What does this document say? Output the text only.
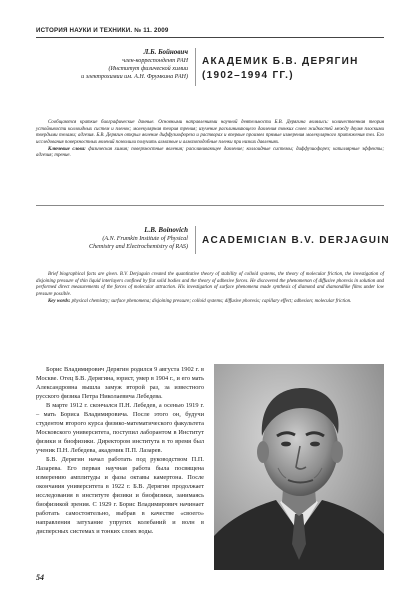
ИСТОРИЯ НАУКИ И ТЕХНИКИ. № 11. 2009
Л.Б. Бойнович
член-корреспондент РАН
(Институт физической химии
и электрохимии им. А.Н. Фрумкина РАН)
АКАДЕМИК Б.В. ДЕРЯГИН
(1902–1994 ГГ.)

Сообщаются краткие биографические данные. Основными направлениями научной деятельности Б.В. Дерягина являлись: количественная теория устойчивости коллоидных систем и пленок; молекулярная теория трения; изучение расклинивающего давления тонких слоев жидкостей между двумя плоскими твердыми телами; адгезия. Б.В. Дерягин открыл явление диффузиофореза и растворах и впервые произвел прямые измерения молекулярного притяжения тел. Его исследования поверхностных явлений позволили получить алмазные и алмазоподобные пленки при низких давлениях.

Ключевые слова: физическая химия; поверхностные явления; расклинивающее давление; коллоидные системы; диффузиофорез; капиллярные эффекты; адгезия; трение.

L.B. Boinovich
(A.N. Frumkin Institute of Physical
Chemistry and Electrochemistry of RAS)
ACADEMICIAN B.V. DERJAGUIN

Brief biographical facts are given. B.V. Derjaguin created the quantitative theory of stability of colloid systems, the theory of molecular friction, the investigation of disjoining pressure of thin liquid interlayers confined by flat solid bodies and the theory of adhesive forces. He discovered the phenomenon of diffusive phoresis in solution and performed direct measurements of the forces of molecular attraction. His investigation of surface phenomena made synthesis of diamond and diamondlike films under low pressure possible.

Key words: physical chemistry; surface phenomena; disjoining pressure; colloid systems; diffusive phoresis; capillary effect; adhesion; molecular friction.

Борис Владимирович Дерягин родился 9 августа 1902 г. в Москве. Отец Б.В. Дерягина, юрист, умер в 1904 г., и его мать Александровна вышла замуж второй раз, за известного русского физика Петра Николаевича Лебедева.

В марте 1912 г. скончался П.Н. Лебедев, а осенью 1919 г. – мать Бориса Владимировича. После этого он, будучи студентом второго курса физико-математического факультета Московского университета, поступил лаборантом в Институт физики и биофизики. Директором института в то время был ученик П.Н. Лебедева, академик П.П. Лазарев.

Б.В. Дерягин начал работать под руководством П.П. Лазарева. Его первая научная работа была посвящена измерению амплитуды и фазы октавы камертона. После окончания университета в 1922 г. Б.В. Дерягин продолжает исследования в институте физики и биофизики, занимаясь биофизикой зрения. С 1929 г. Борис Владимирович начинает работать самостоятельно, выбрав в качестве «своего» направления затухание упругих колебаний и волн в дисперсных системах и тонких слоях воды.

54
